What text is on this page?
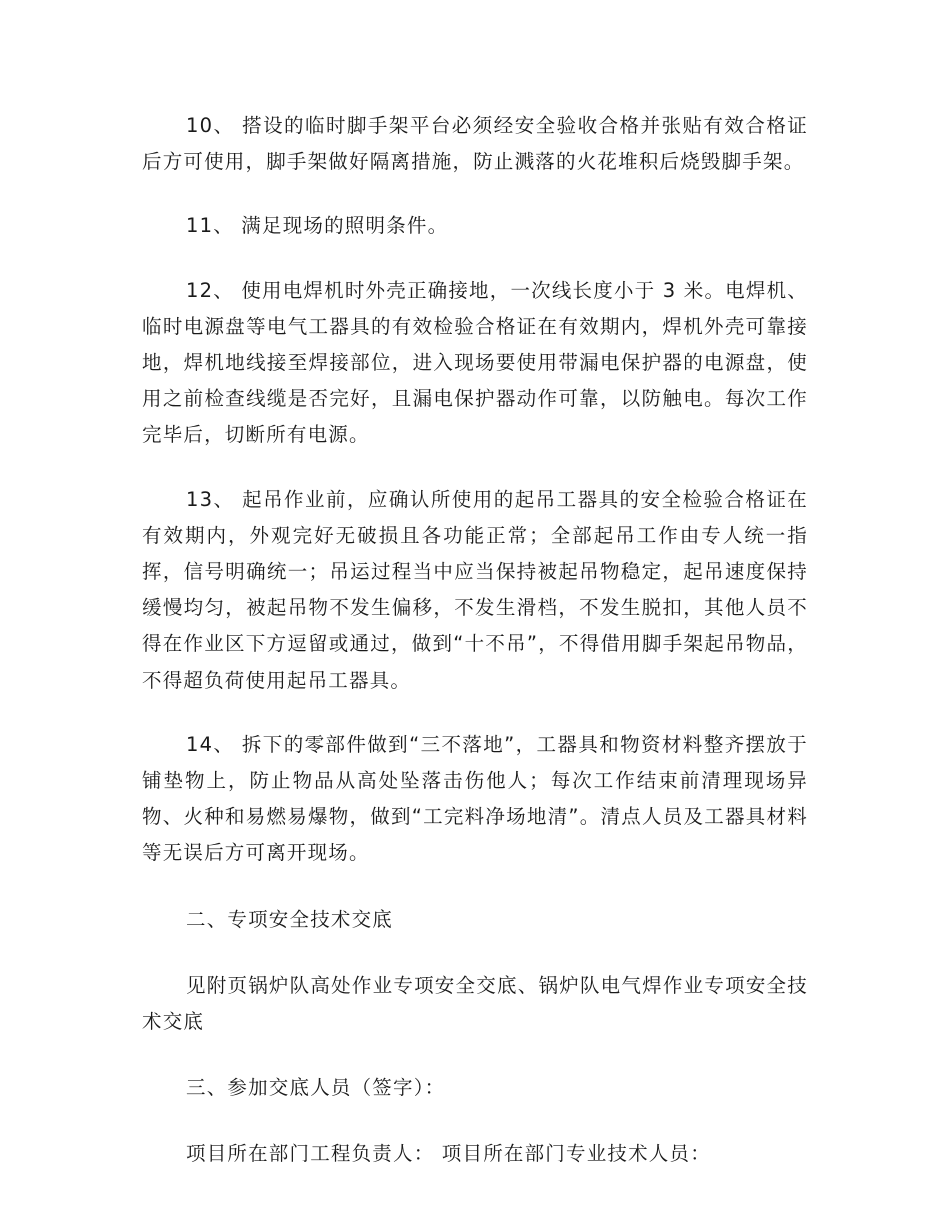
10、 搭设的临时脚手架平台必须经安全验收合格并张贴有效合格证后方可使用，脚手架做好隔离措施，防止溅落的火花堆积后烧毁脚手架。

11、 满足现场的照明条件。

12、 使用电焊机时外壳正确接地，一次线长度小于 3 米。电焊机、临时电源盘等电气工器具的有效检验合格证在有效期内，焊机外壳可靠接地，焊机地线接至焊接部位，进入现场要使用带漏电保护器的电源盘，使用之前检查线缆是否完好，且漏电保护器动作可靠，以防触电。每次工作完毕后，切断所有电源。

13、 起吊作业前，应确认所使用的起吊工器具的安全检验合格证在有效期内，外观完好无破损且各功能正常；全部起吊工作由专人统一指挥，信号明确统一；吊运过程当中应当保持被起吊物稳定，起吊速度保持缓慢均匀，被起吊物不发生偏移，不发生滑档，不发生脱扣，其他人员不得在作业区下方逗留或通过，做到“十不吊”，不得借用脚手架起吊物品，不得超负荷使用起吊工器具。

14、 拆下的零部件做到“三不落地”，工器具和物资材料整齐摆放于铺垫物上，防止物品从高处坠落击伤他人；每次工作结束前清理现场异物、火种和易燃易爆物，做到“工完料净场地清”。清点人员及工器具材料等无误后方可离开现场。

二、专项安全技术交底

见附页锅炉队高处作业专项安全交底、锅炉队电气焊作业专项安全技术交底

三、参加交底人员（签字）：

项目所在部门工程负责人： 项目所在部门专业技术人员：
